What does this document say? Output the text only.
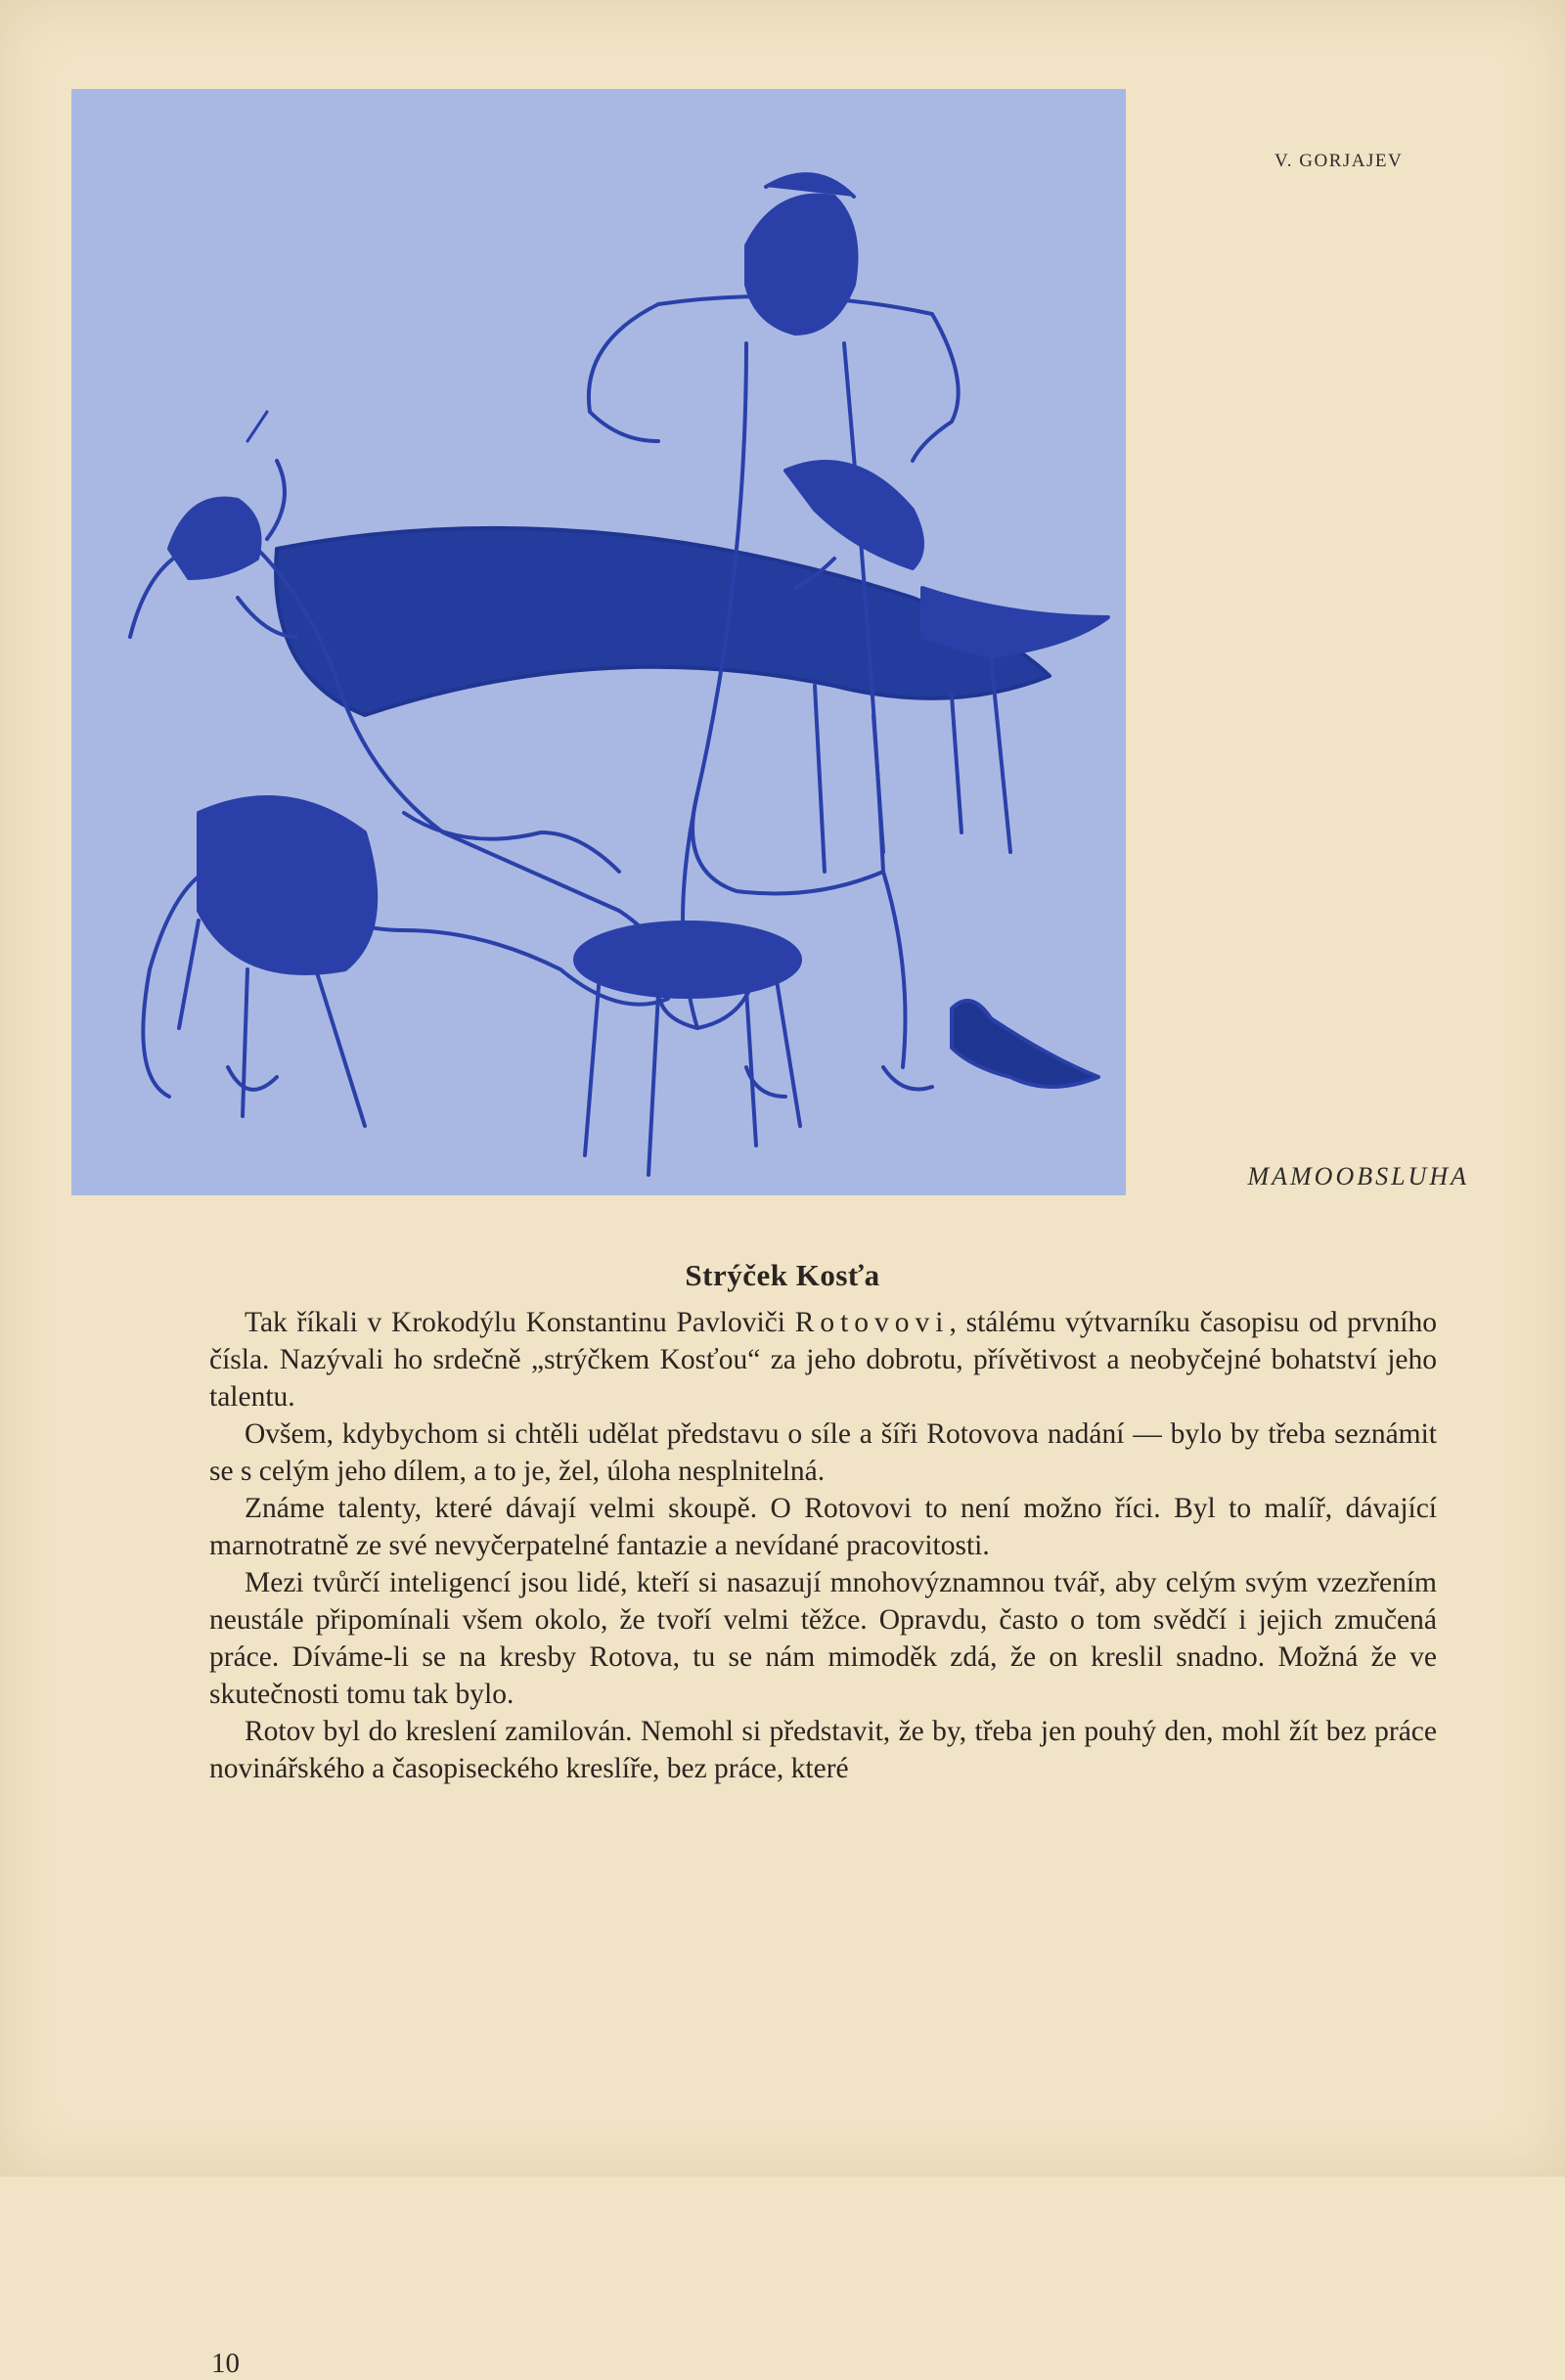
V. GORJAJEV
MAMOOBSLUHA
Strýček Kosťa

Tak říkali v Krokodýlu Konstantinu Pavloviči Rotovovi, stálému výtvarníku časopisu od prvního čísla. Nazývali ho srdečně „strýčkem Kosťou“ za jeho dobrotu, přívětivost a neobyčejné bohatství jeho talentu.

Ovšem, kdybychom si chtěli udělat představu o síle a šíři Rotovova nadání — bylo by třeba seznámit se s celým jeho dílem, a to je, žel, úloha nesplnitelná.

Známe talenty, které dávají velmi skoupě. O Rotovovi to není možno říci. Byl to malíř, dávající marnotratně ze své nevyčerpatelné fantazie a nevídané pracovitosti.

Mezi tvůrčí inteligencí jsou lidé, kteří si nasazují mnohovýznamnou tvář, aby celým svým vzezřením neustále připomínali všem okolo, že tvoří velmi těžce. Opravdu, často o tom svědčí i jejich zmučená práce. Díváme-li se na kresby Rotova, tu se nám mimoděk zdá, že on kreslil snadno. Možná že ve skutečnosti tomu tak bylo.

Rotov byl do kreslení zamilován. Nemohl si představit, že by, třeba jen pouhý den, mohl žít bez práce novinářského a časopiseckého kreslíře, bez práce, které

10
